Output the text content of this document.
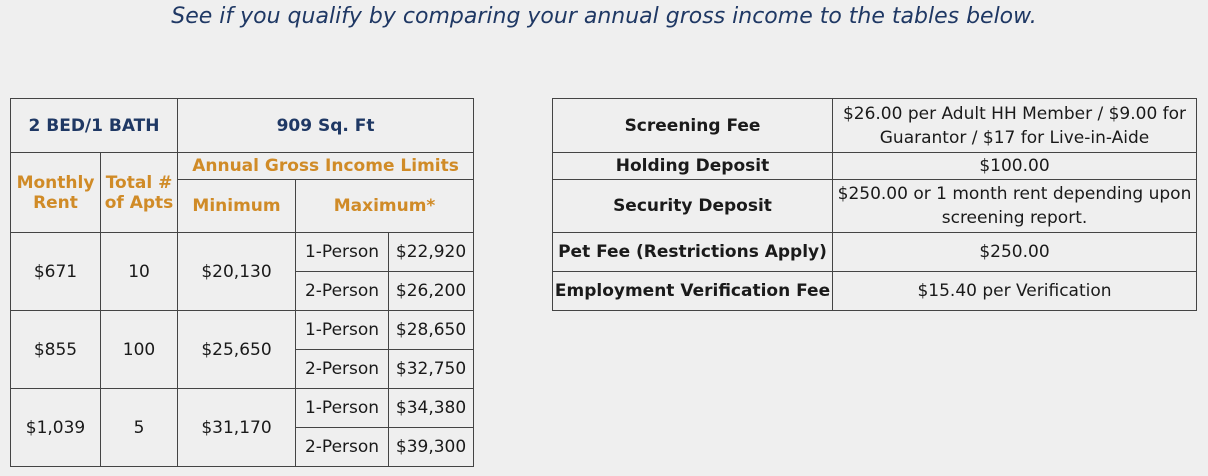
See if you qualify by comparing your annual gross income to the tables below.
2 BED/1 BATH		909 Sq. Ft		
Monthly Rent	Total # of Apts	Annual Gross Income Limits		
		Minimum	Maximum*	
$671	10	$20,130	1-Person	$22,920
			2-Person	$26,200
$855	100	$25,650	1-Person	$28,650
			2-Person	$32,750
$1,039	5	$31,170	1-Person	$34,380
			2-Person	$39,300
Screening Fee	$26.00 per Adult HH Member / $9.00 for Guarantor / $17 for Live-in-Aide
Holding Deposit	$100.00
Security Deposit	$250.00 or 1 month rent depending upon screening report.
Pet Fee (Restrictions Apply)	$250.00
Employment Verification Fee	$15.40 per Verification
